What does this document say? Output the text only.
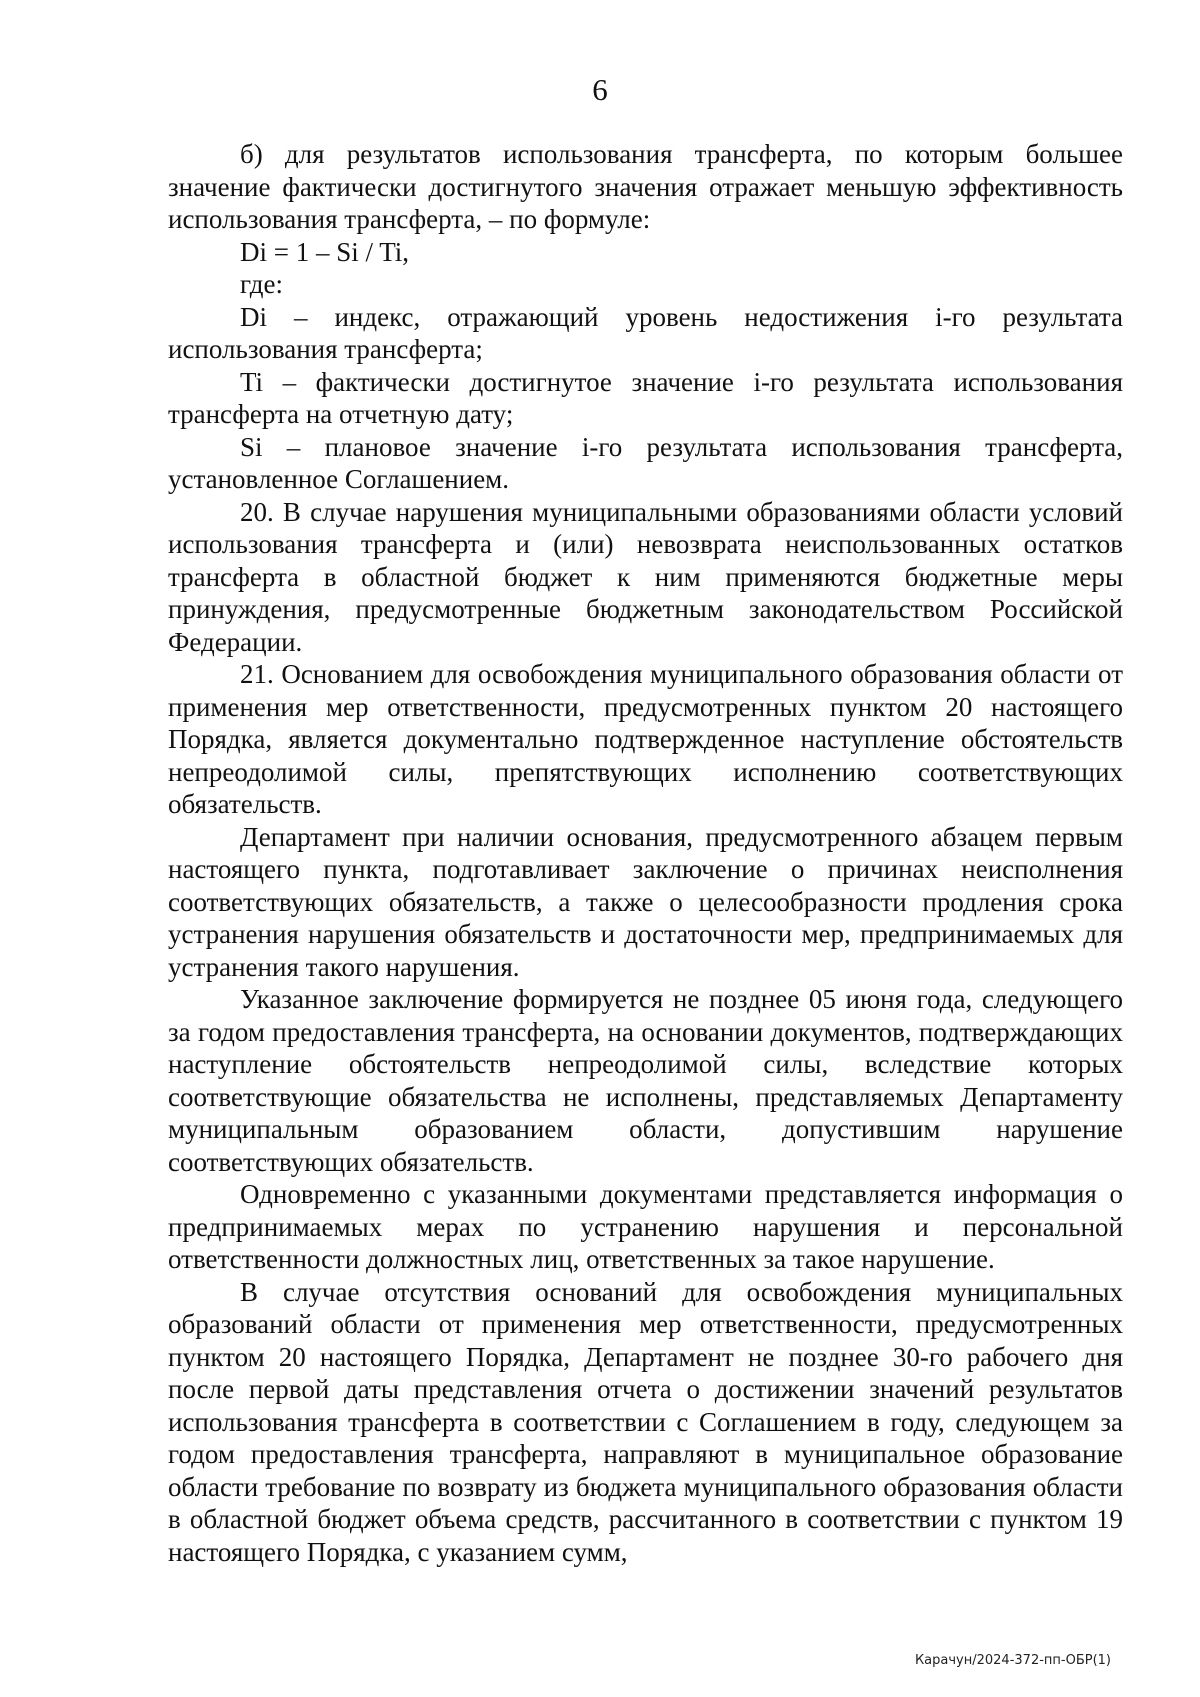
6

б) для результатов использования трансферта, по которым большее значение фактически достигнутого значения отражает меньшую эффективность использования трансферта, – по формуле:

Di = 1 – Si / Ti,

где:

Di – индекс, отражающий уровень недостижения i-го результата использования трансферта;

Ti – фактически достигнутое значение i-го результата использования трансферта на отчетную дату;

Si – плановое значение i-го результата использования трансферта, установленное Соглашением.

20. В случае нарушения муниципальными образованиями области условий использования трансферта и (или) невозврата неиспользованных остатков трансферта в областной бюджет к ним применяются бюджетные меры принуждения, предусмотренные бюджетным законодательством Российской Федерации.

21. Основанием для освобождения муниципального образования области от применения мер ответственности, предусмотренных пунктом 20 настоящего Порядка, является документально подтвержденное наступление обстоятельств непреодолимой силы, препятствующих исполнению соответствующих обязательств.

Департамент при наличии основания, предусмотренного абзацем первым настоящего пункта, подготавливает заключение о причинах неисполнения соответствующих обязательств, а также о целесообразности продления срока устранения нарушения обязательств и достаточности мер, предпринимаемых для устранения такого нарушения.

Указанное заключение формируется не позднее 05 июня года, следующего за годом предоставления трансферта, на основании документов, подтверждающих наступление обстоятельств непреодолимой силы, вследствие которых соответствующие обязательства не исполнены, представляемых Департаменту муниципальным образованием области, допустившим нарушение соответствующих обязательств.

Одновременно с указанными документами представляется информация о предпринимаемых мерах по устранению нарушения и персональной ответственности должностных лиц, ответственных за такое нарушение.

В случае отсутствия оснований для освобождения муниципальных образований области от применения мер ответственности, предусмотренных пунктом 20 настоящего Порядка, Департамент не позднее 30-го рабочего дня после первой даты представления отчета о достижении значений результатов использования трансферта в соответствии с Соглашением в году, следующем за годом предоставления трансферта, направляют в муниципальное образование области требование по возврату из бюджета муниципального образования области в областной бюджет объема средств, рассчитанного в соответствии с пунктом 19 настоящего Порядка, с указанием сумм,

Карачун/2024-372-пп-ОБР(1)
